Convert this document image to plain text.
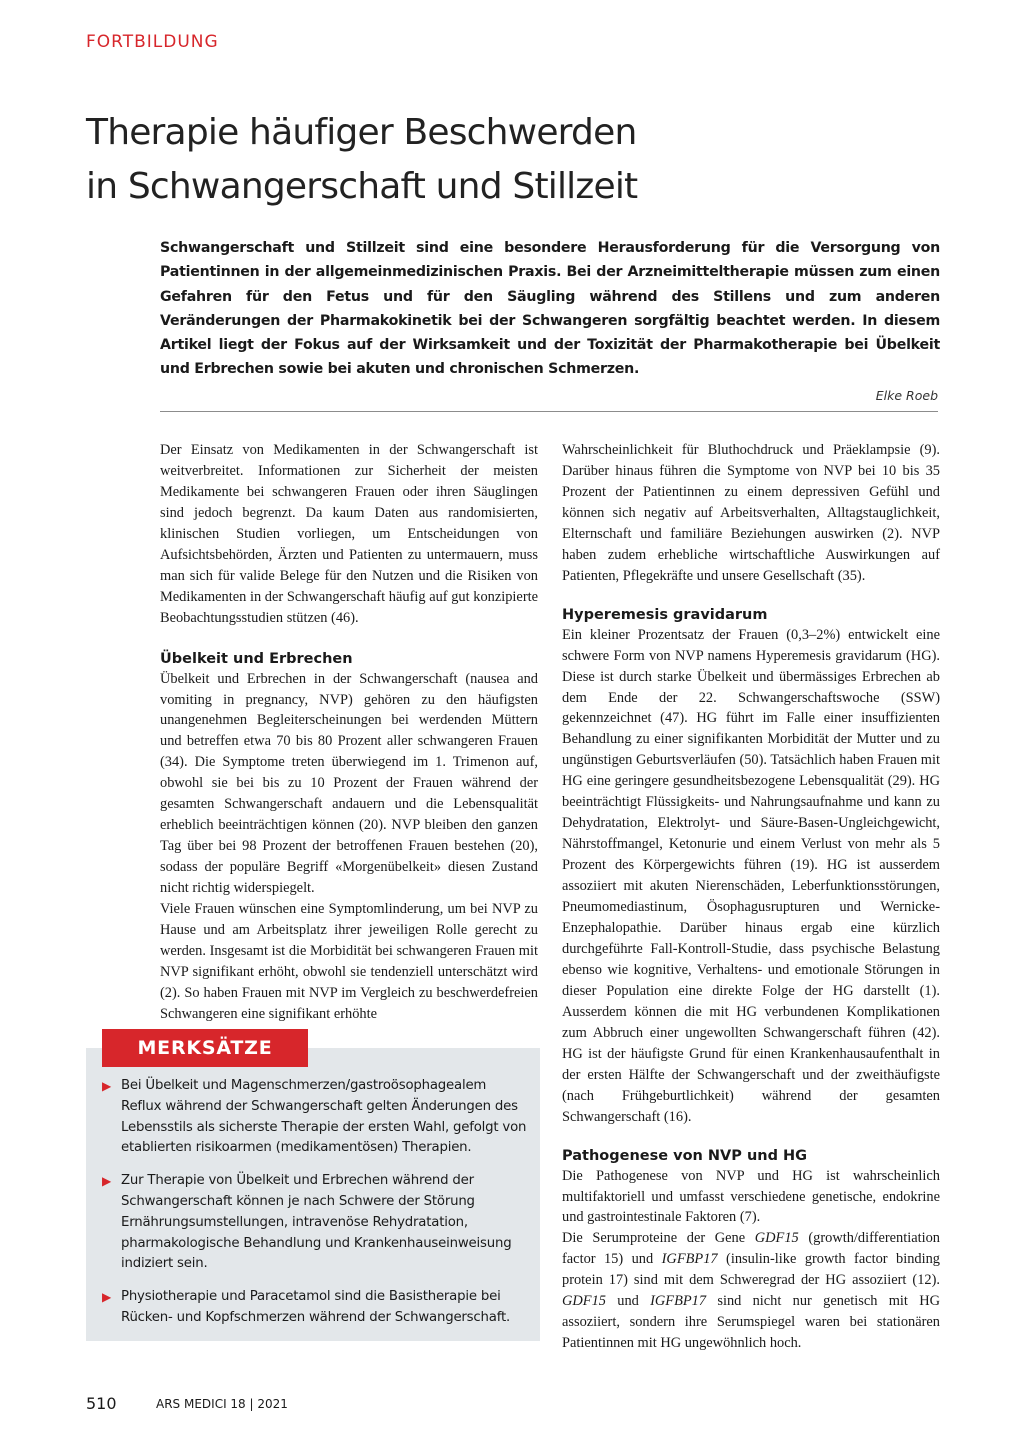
FORTBILDUNG
Therapie häufiger Beschwerden
in Schwangerschaft und Stillzeit

Schwangerschaft und Stillzeit sind eine besondere Herausforderung für die Versorgung von Patientinnen in der allgemeinmedizinischen Praxis. Bei der Arzneimitteltherapie müssen zum einen Gefahren für den Fetus und für den Säugling während des Stillens und zum anderen Veränderungen der Pharmakokinetik bei der Schwangeren sorgfältig beachtet werden. In diesem Artikel liegt der Fokus auf der Wirksamkeit und der Toxizität der Pharmakotherapie bei Übelkeit und Erbrechen sowie bei akuten und chronischen Schmerzen.

Elke Roeb

Der Einsatz von Medikamenten in der Schwangerschaft ist weitverbreitet. Informationen zur Sicherheit der meisten Medikamente bei schwangeren Frauen oder ihren Säuglingen sind jedoch begrenzt. Da kaum Daten aus randomisierten, klinischen Studien vorliegen, um Entscheidungen von Aufsichtsbehörden, Ärzten und Patienten zu untermauern, muss man sich für valide Belege für den Nutzen und die Risiken von Medikamenten in der Schwangerschaft häufig auf gut konzipierte Beobachtungsstudien stützen (46).

Übelkeit und Erbrechen

Übelkeit und Erbrechen in der Schwangerschaft (nausea and vomiting in pregnancy, NVP) gehören zu den häufigsten unangenehmen Begleiterscheinungen bei werdenden Müttern und betreffen etwa 70 bis 80 Prozent aller schwangeren Frauen (34). Die Symptome treten überwiegend im 1. Trimenon auf, obwohl sie bei bis zu 10 Prozent der Frauen während der gesamten Schwangerschaft andauern und die Lebensqualität erheblich beeinträchtigen können (20). NVP bleiben den ganzen Tag über bei 98 Prozent der betroffenen Frauen bestehen (20), sodass der populäre Begriff «Morgenübelkeit» diesen Zustand nicht richtig widerspiegelt.

Viele Frauen wünschen eine Symptomlinderung, um bei NVP zu Hause und am Arbeitsplatz ihrer jeweiligen Rolle gerecht zu werden. Insgesamt ist die Morbidität bei schwangeren Frauen mit NVP signifikant erhöht, obwohl sie tendenziell unterschätzt wird (2). So haben Frauen mit NVP im Vergleich zu beschwerdefreien Schwangeren eine signifikant erhöhte

Wahrscheinlichkeit für Bluthochdruck und Präeklampsie (9). Darüber hinaus führen die Symptome von NVP bei 10 bis 35 Prozent der Patientinnen zu einem depressiven Gefühl und können sich negativ auf Arbeitsverhalten, Alltagstauglichkeit, Elternschaft und familiäre Beziehungen auswirken (2). NVP haben zudem erhebliche wirtschaftliche Auswirkungen auf Patienten, Pflegekräfte und unsere Gesellschaft (35).

Hyperemesis gravidarum

Ein kleiner Prozentsatz der Frauen (0,3–2%) entwickelt eine schwere Form von NVP namens Hyperemesis gravidarum (HG). Diese ist durch starke Übelkeit und übermässiges Erbrechen ab dem Ende der 22. Schwangerschaftswoche (SSW) gekennzeichnet (47). HG führt im Falle einer insuffizienten Behandlung zu einer signifikanten Morbidität der Mutter und zu ungünstigen Geburtsverläufen (50). Tatsächlich haben Frauen mit HG eine geringere gesundheitsbezogene Lebensqualität (29). HG beeinträchtigt Flüssigkeits- und Nahrungsaufnahme und kann zu Dehydratation, Elektrolyt- und Säure-Basen-Ungleichgewicht, Nährstoffmangel, Ketonurie und einem Verlust von mehr als 5 Prozent des Körpergewichts führen (19). HG ist ausserdem assoziiert mit akuten Nierenschäden, Leberfunktionsstörungen, Pneumomediastinum, Ösophagusrupturen und Wernicke-Enzephalopathie. Darüber hinaus ergab eine kürzlich durchgeführte Fall-Kontroll-Studie, dass psychische Belastung ebenso wie kognitive, Verhaltens- und emotionale Störungen in dieser Population eine direkte Folge der HG darstellt (1). Ausserdem können die mit HG verbundenen Komplikationen zum Abbruch einer ungewollten Schwangerschaft führen (42). HG ist der häufigste Grund für einen Krankenhausaufenthalt in der ersten Hälfte der Schwangerschaft und der zweithäufigste (nach Frühgeburtlichkeit) während der gesamten Schwangerschaft (16).

Pathogenese von NVP und HG

Die Pathogenese von NVP und HG ist wahrscheinlich multifaktoriell und umfasst verschiedene genetische, endokrine und gastrointestinale Faktoren (7).

Die Serumproteine der Gene GDF15 (growth/differentiation factor 15) und IGFBP17 (insulin-like growth factor binding protein 17) sind mit dem Schweregrad der HG assoziiert (12). GDF15 und IGFBP17 sind nicht nur genetisch mit HG assoziiert, sondern ihre Serumspiegel waren bei stationären Patientinnen mit HG ungewöhnlich hoch.

MERKSÄTZE
▶ Bei Übelkeit und Magenschmerzen/gastroösophagealem Reflux während der Schwangerschaft gelten Änderungen des Lebensstils als sicherste Therapie der ersten Wahl, gefolgt von etablierten risikoarmen (medikamentösen) Therapien.
▶ Zur Therapie von Übelkeit und Erbrechen während der Schwangerschaft können je nach Schwere der Störung Ernährungsumstellungen, intravenöse Rehydratation, pharmakologische Behandlung und Krankenhauseinweisung indiziert sein.
▶ Physiotherapie und Paracetamol sind die Basistherapie bei Rücken- und Kopfschmerzen während der Schwangerschaft.
510	ARS MEDICI 18 | 2021
